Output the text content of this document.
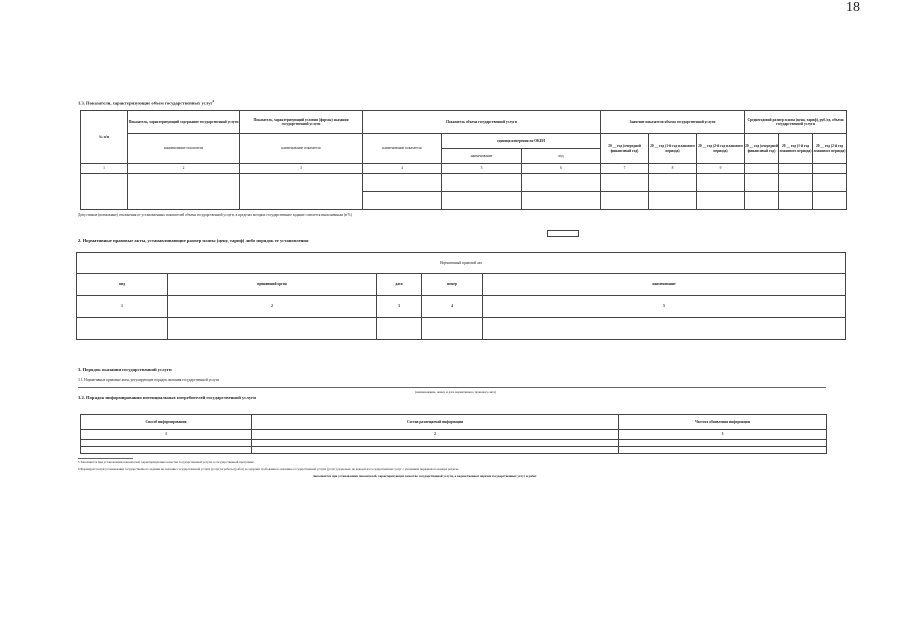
18
1.3. Показатели, характеризующие объем государственных услуг$^6$
№ п/п	Показатель, характеризующий содержание государственной услуги	Показатель, характеризующий условия (формы) оказания государственной услуги	Показатель объема государственной услуги			Значение показателя объема государственной услуги			Среднегодовой размер платы (цена, тариф), руб./ед. объема государственной услуги		
	наименование показателя	наименование показателя	наименование показателя	единица измерения по ОКЕИ		20 __ год (очередной финансовый год)	20 __ год (1-й год планового периода)	20 __ год (2-й год планового периода)	20 __ год (очередной финансовый год)	20 __ год (1-й год планового периода)	20 __ год (2-й год планового периода)
				наименование	код						
1	2	3	4	5	6	7	8	9			

Допустимые (возможные) отклонения от установленных показателей объема государственной услуги, в пределах которых государственное задание считается выполненным (в %)
2. Нормативные правовые акты, устанавливающие размер платы (цену, тариф) либо порядок ее установления
Нормативный правовой акт				
вид	принявший орган	дата	номер	наименование
1	2	3	4	5

3. Порядок оказания государственной услуги
3.1. Нормативные правовые акты, регулирующие порядок оказания государственной услуги
(наименование, номер и дата нормативного правового акта)
3.2. Порядок информирования потенциальных потребителей государственной услуги
Способ информирования	Состав размещаемой информации	Частота обновления информации
1	2	3

5 Заполняется при установлении показателей, характеризующих качество государственной услуги, в государственной программе.
6 Формируется при установлении государственного задания на оказание государственной услуги (услуг) и работы (работ) и содержит требования к оказанию государственной услуги (услуг) раздельно по каждой из государственных услуг с указанием порядкового номера раздела.
Заполняется при установлении показателей, характеризующих качество государственной услуги, в ведомственном перечне государственных услуг и работ
